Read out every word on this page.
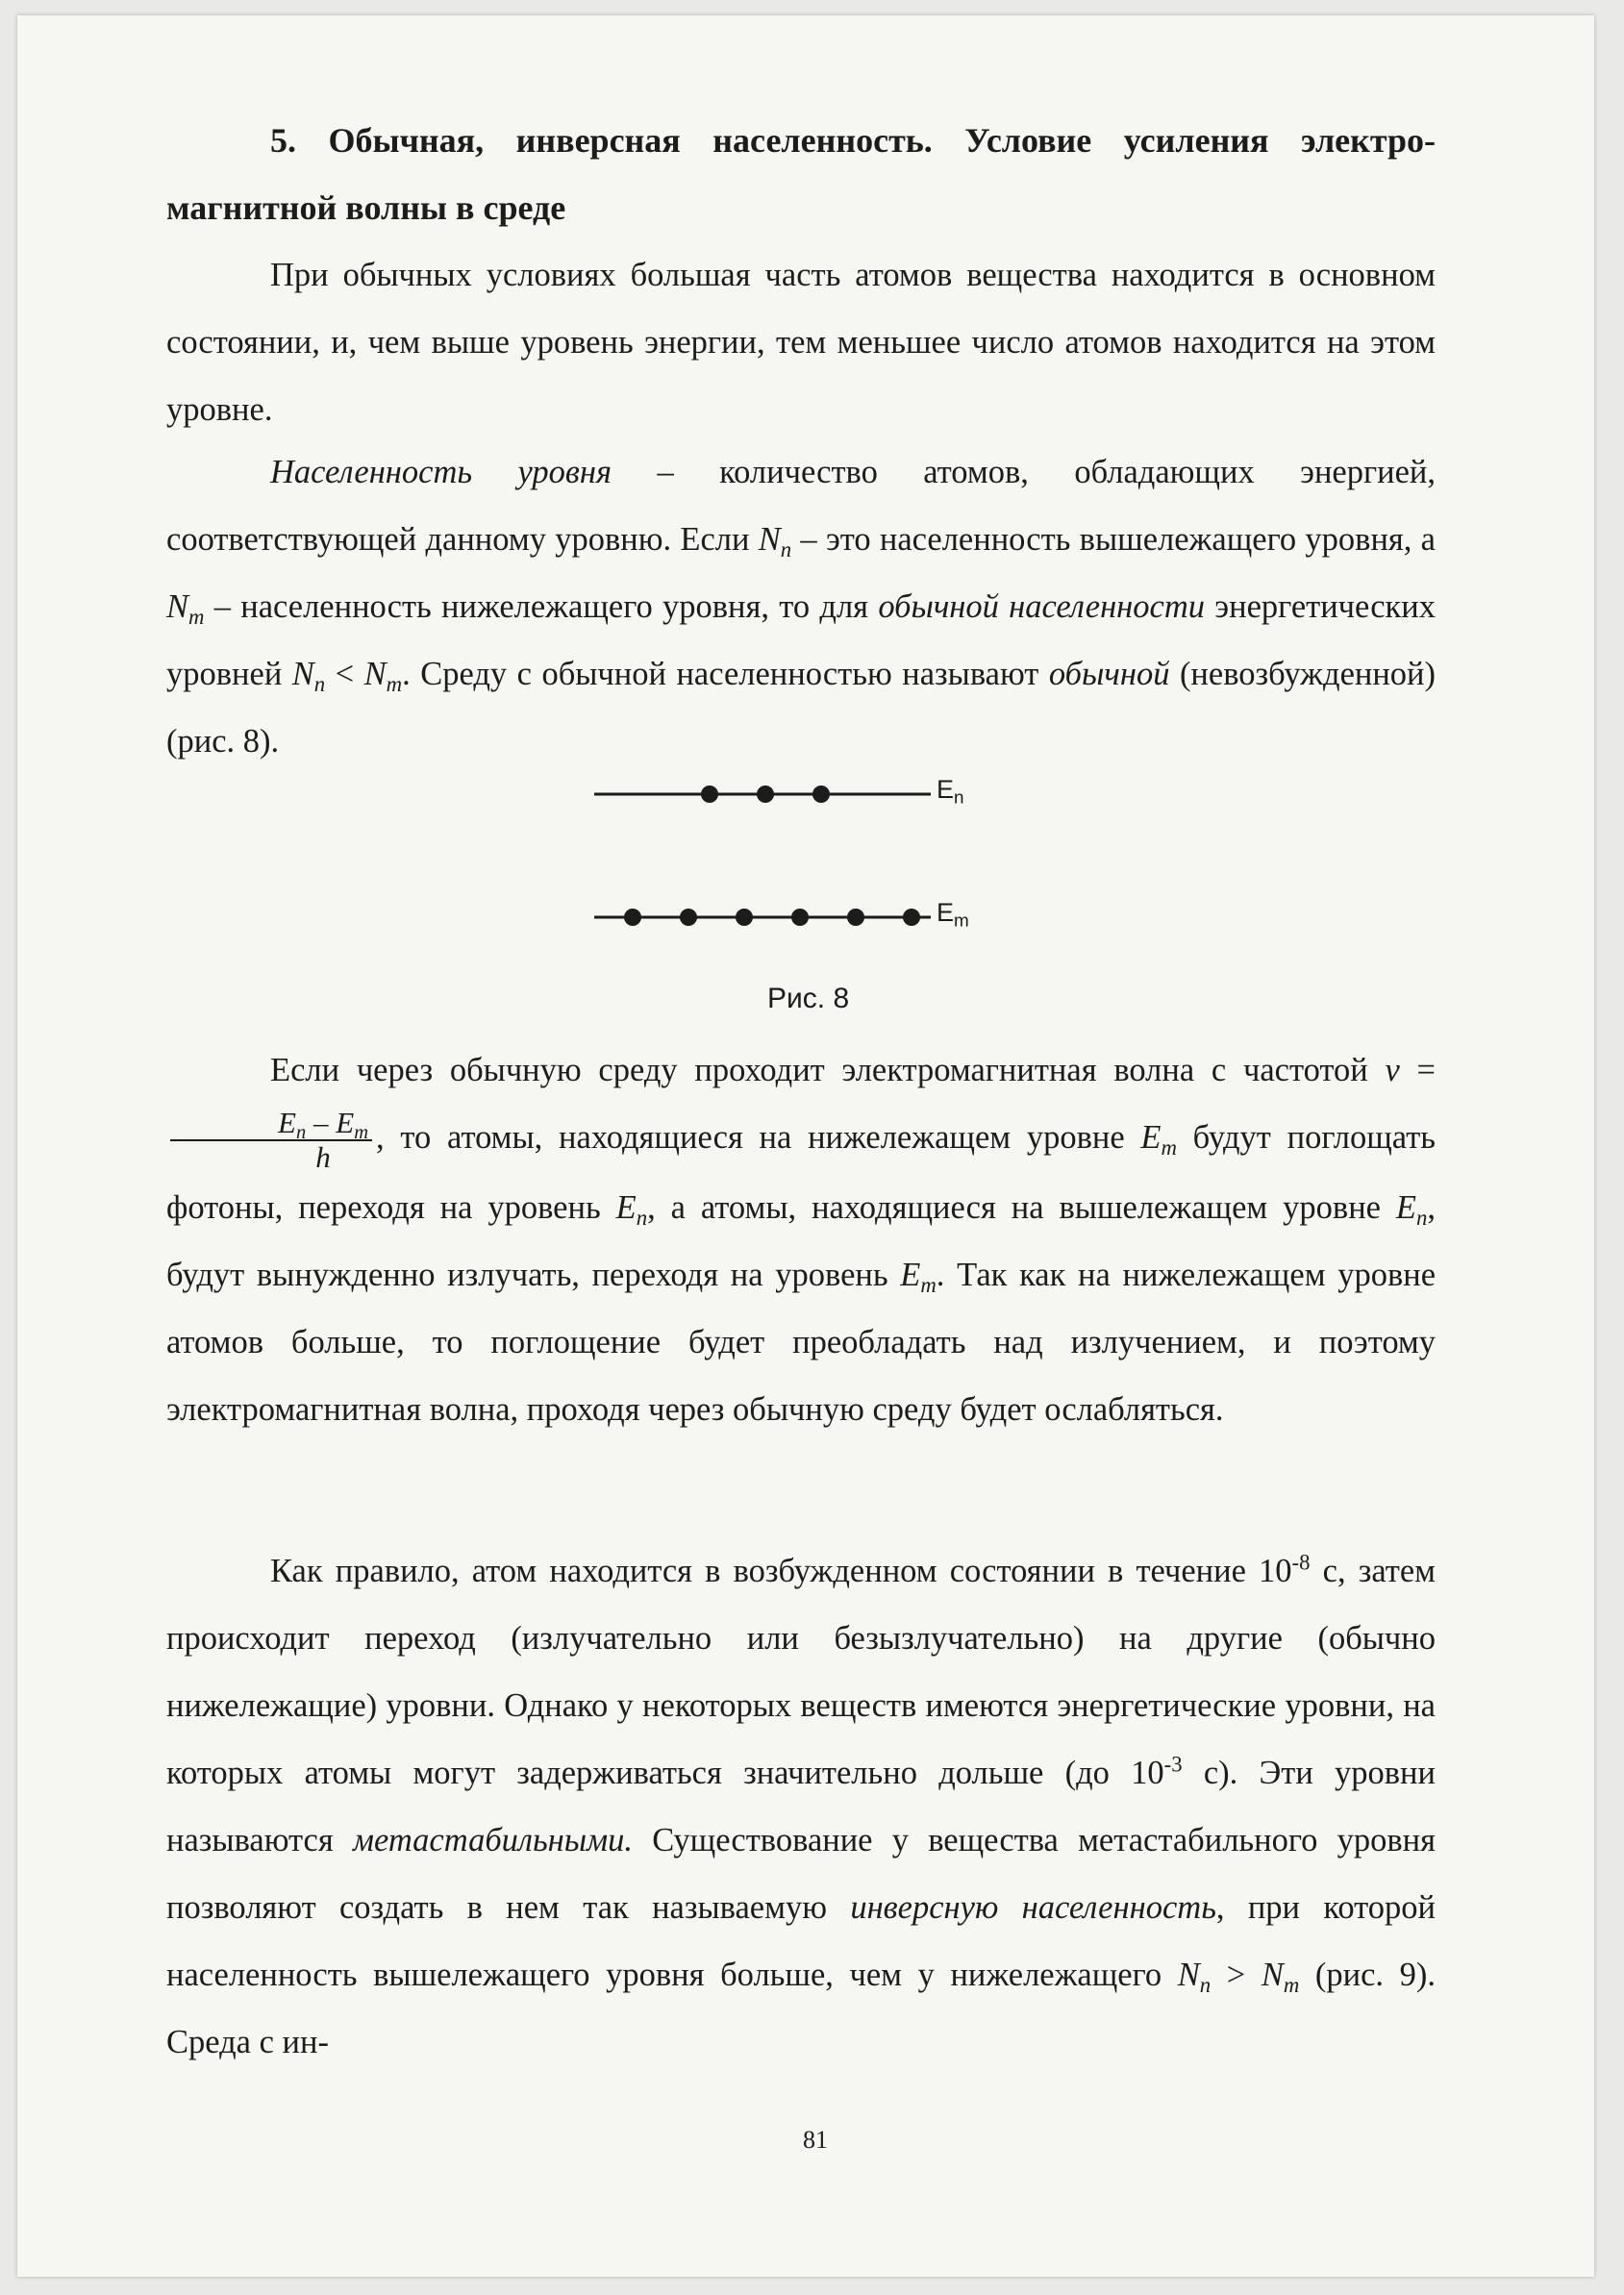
5. Обычная, инверсная населенность. Условие усиления электро-
магнитной волны в среде

При обычных условиях большая часть атомов вещества находится в основном состоянии, и, чем выше уровень энергии, тем меньшее число атомов находится на этом уровне.

Населенность уровня – количество атомов, обладающих энергией, соответствующей данному уровню. Если $N_n$ – это населенность вышележащего уровня, а $N_m$ – населенность нижележащего уровня, то для обычной населенности энергетических уровней $N_n < N_m$. Среду с обычной населенностью называют обычной (невозбужденной) (рис. 8).

$E_n$
$E_m$
Рис. 8

Если через обычную среду проходит электромагнитная волна с частотой ν =
$\frac{E_n - E_m}{h}$ , то атомы, находящиеся на нижележащем уровне $E_m$ будут поглощать фотоны, переходя на уровень $E_n$, а атомы, находящиеся на вышележащем уровне $E_n$, будут вынужденно излучать, переходя на уровень $E_m$. Так как на нижележащем уровне атомов больше, то поглощение будет преобладать над излучением, и поэтому электромагнитная волна, проходя через обычную среду будет ослабляться.

Как правило, атом находится в возбужденном состоянии в течение $10^{-8}$ с, затем происходит переход (излучательно или безызлучательно) на другие (обычно нижележащие) уровни. Однако у некоторых веществ имеются энергетические уровни, на которых атомы могут задерживаться значительно дольше (до $10^{-3}$ с). Эти уровни называются метастабильными. Существование у вещества метастабильного уровня позволяют создать в нем так называемую инверсную населенность, при которой населенность вышележащего уровня больше, чем у нижележащего $N_n > N_m$ (рис. 9). Среда с ин-

81
